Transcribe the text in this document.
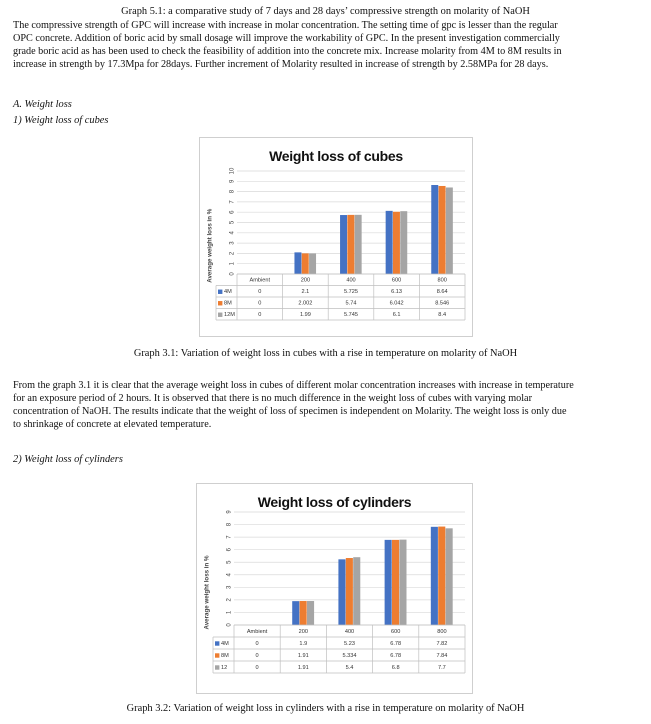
Graph 5.1: a comparative study of 7 days and 28 days’ compressive strength on molarity of NaOH

The compressive strength of GPC will increase with increase in molar concentration. The setting time of gpc is lesser than the regular

OPC concrete. Addition of boric acid by small dosage will improve the workability of GPC. In the present investigation commercially

grade boric acid as has been used to check the feasibility of addition into the concrete mix. Increase molarity from 4M to 8M results in

increase in strength by 17.3Mpa for 28days. Further increment of Molarity resulted in increase of strength by 2.58MPa for 28 days.

A. Weight loss

1) Weight loss of cubes

Weight loss of cubes
0
1
2
3
4
5
6
7
8
9
10
Average weight loss in %	Ambient	200	400	600	800
4M	0	2.1	5.725	6.13	8.64
8M	0	2.002	5.74	6.042	8.546
12M	0	1.99	5.745	6.1	8.4

Graph 3.1: Variation of weight loss in cubes with a rise in temperature on molarity of NaOH

From the graph 3.1 it is clear that the average weight loss in cubes of different molar concentration increases with increase in temperature

for an exposure period of 2 hours. It is observed that there is no much difference in the weight loss of cubes with varying molar

concentration of NaOH. The results indicate that the weight of loss of specimen is independent on Molarity. The weight loss is only due

to shrinkage of concrete at elevated temperature.

2) Weight loss of cylinders

Weight loss of cylinders
0
1
2
3
4
5
6
7
8
9
Average weight loss in %
Ambient	200	400	600	800
4M	0	1.9	5.23	6.78	7.82
8M	0	1.91	5.334	6.78	7.84
12	0	1.91	5.4	6.8	7.7

Graph 3.2: Variation of weight loss in cylinders with a rise in temperature on molarity of NaOH
